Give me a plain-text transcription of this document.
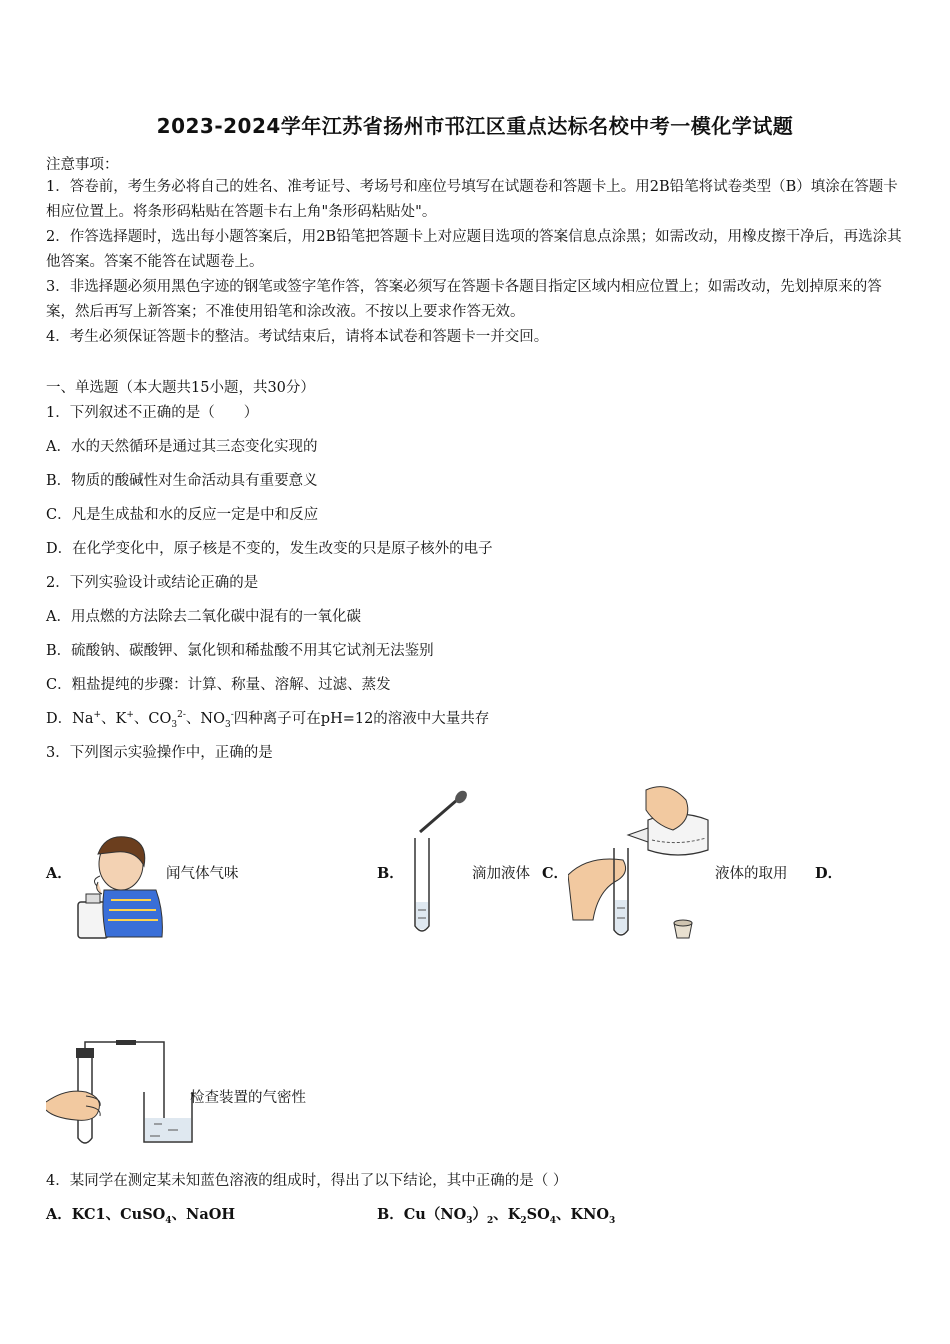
2023-2024学年江苏省扬州市邗江区重点达标名校中考一模化学试题
注意事项：
1．答卷前，考生务必将自己的姓名、准考证号、考场号和座位号填写在试题卷和答题卡上。用2B铅笔将试卷类型（B）填涂在答题卡相应位置上。将条形码粘贴在答题卡右上角"条形码粘贴处"。
2．作答选择题时，选出每小题答案后，用2B铅笔把答题卡上对应题目选项的答案信息点涂黑；如需改动，用橡皮擦干净后，再选涂其他答案。答案不能答在试题卷上。
3．非选择题必须用黑色字迹的钢笔或签字笔作答，答案必须写在答题卡各题目指定区域内相应位置上；如需改动，先划掉原来的答案，然后再写上新答案；不准使用铅笔和涂改液。不按以上要求作答无效。
4．考生必须保证答题卡的整洁。考试结束后，请将本试卷和答题卡一并交回。
一、单选题（本大题共15小题，共30分）
1．下列叙述不正确的是（　　）
A．水的天然循环是通过其三态变化实现的
B．物质的酸碱性对生命活动具有重要意义
C．凡是生成盐和水的反应一定是中和反应
D．在化学变化中，原子核是不变的，发生改变的只是原子核外的电子
2．下列实验设计或结论正确的是
A．用点燃的方法除去二氧化碳中混有的一氧化碳
B．硫酸钠、碳酸钾、氯化钡和稀盐酸不用其它试剂无法鉴别
C．粗盐提纯的步骤：计算、称量、溶解、过滤、蒸发
D．Na+、K+、$CO_3^{2-}$、$NO_3^-$四种离子可在pH=12的溶液中大量共存
3．下列图示实验操作中，正确的是
A．	闻气体气味	B．	滴加液体 C．	液体的取用 D．
检查装置的气密性
4．某同学在测定某未知蓝色溶液的组成时，得出了以下结论，其中正确的是（ ）
A．KC1、CuSO$_4$、NaOH	B．$Cu(NO_3)_2$、$K_2SO_4$、$KNO_3$
